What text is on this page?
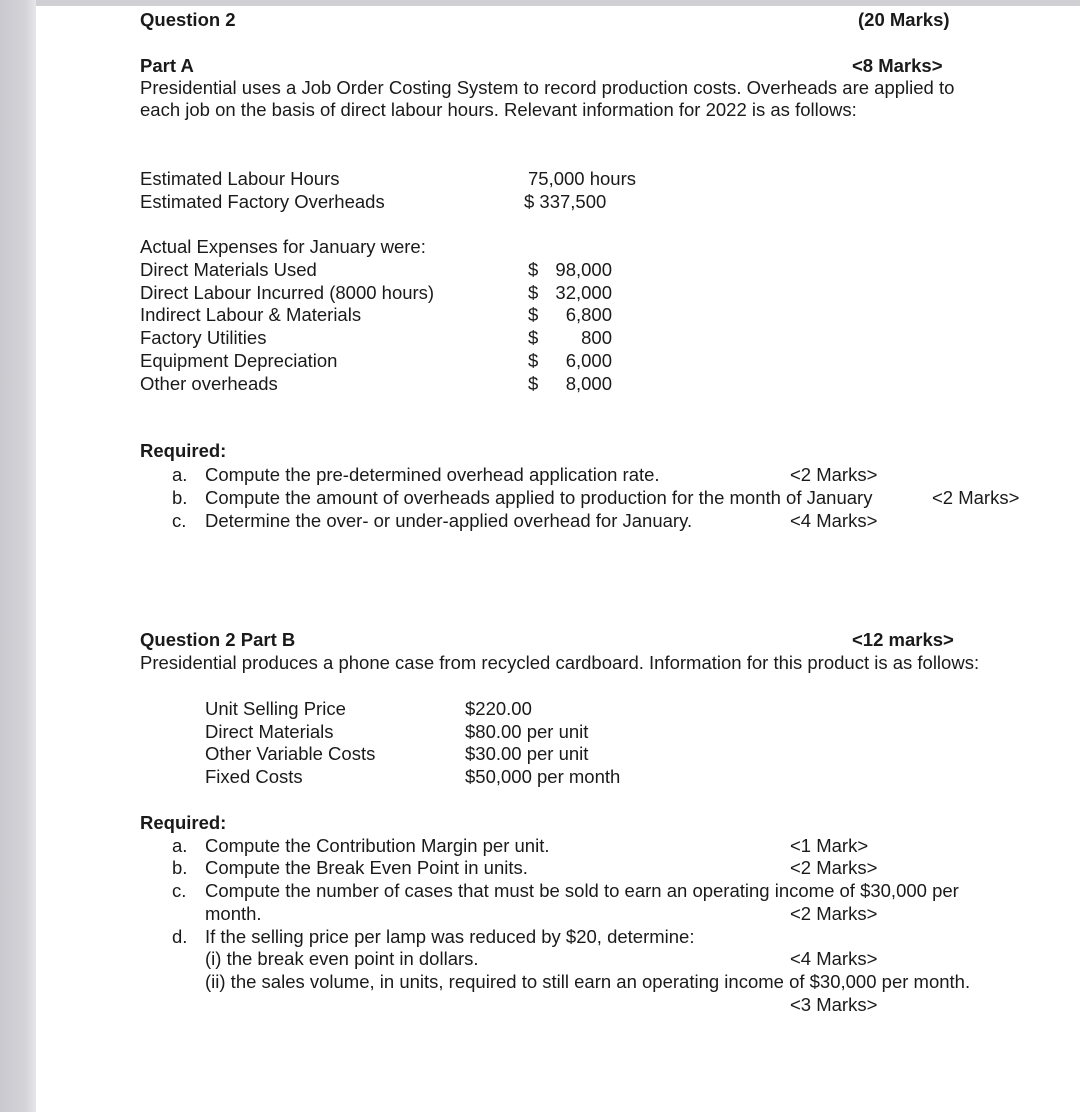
Question 2	(20 Marks)
Part A	<8 Marks>
Presidential uses a Job Order Costing System to record production costs. Overheads are applied to
each job on the basis of direct labour hours. Relevant information for 2022 is as follows:
Estimated Labour Hours	75,000 hours
Estimated Factory Overheads	$ 337,500
Actual Expenses for January were:
Direct Materials Used	$ 98,000
Direct Labour Incurred (8000 hours)	$ 32,000
Indirect Labour & Materials	$	6,800
Factory Utilities	$	800
Equipment Depreciation	$	6,000
Other overheads	$	8,000
Required:
a. Compute the pre-determined overhead application rate.	<2 Marks>
b. Compute the amount of overheads applied to production for the month of January	<2 Marks>
c. Determine the over- or under-applied overhead for January.	<4 Marks>
Question 2 Part B	<12 marks>
Presidential produces a phone case from recycled cardboard. Information for this product is as follows:
Unit Selling Price	$220.00
Direct Materials	$80.00 per unit
Other Variable Costs	$30.00 per unit
Fixed Costs	$50,000 per month
Required:
a. Compute the Contribution Margin per unit.	<1 Mark>
b. Compute the Break Even Point in units.	<2 Marks>
c. Compute the number of cases that must be sold to earn an operating income of $30,000 per
month.	<2 Marks>
d. If the selling price per lamp was reduced by $20, determine:
(i) the break even point in dollars.	<4 Marks>
(ii) the sales volume, in units, required to still earn an operating income of $30,000 per month.
<3 Marks>
